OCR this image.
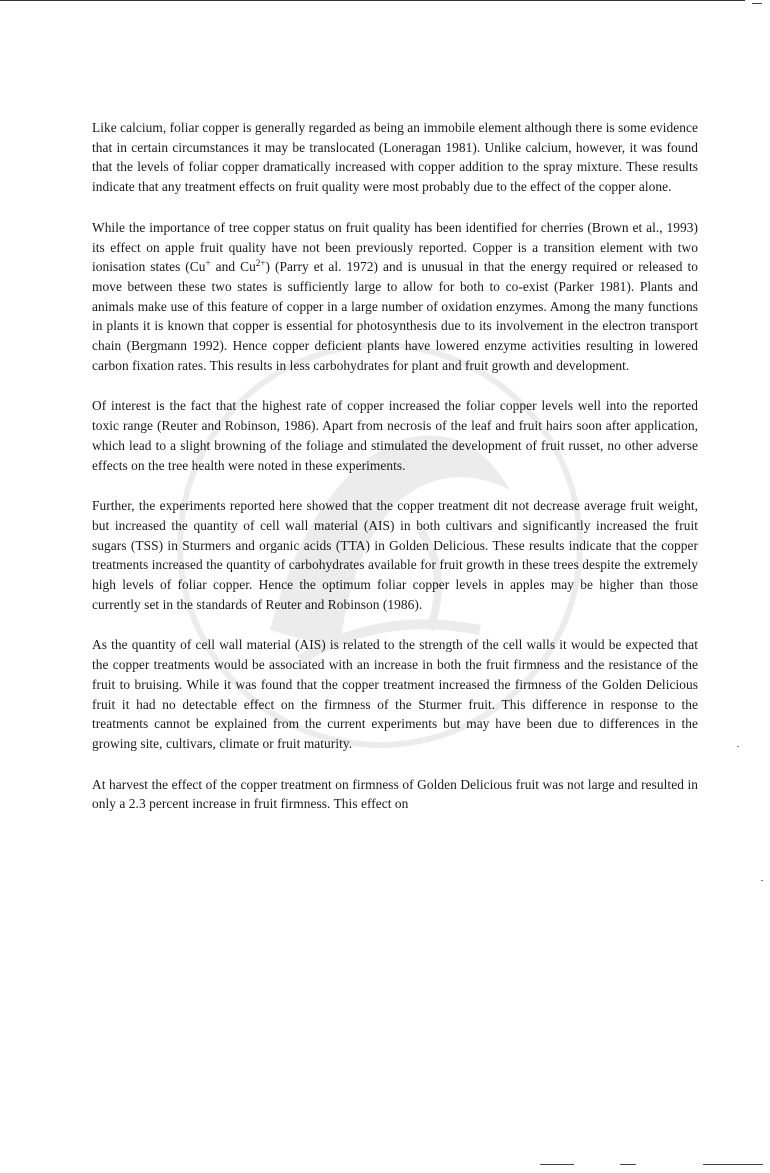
Like calcium, foliar copper is generally regarded as being an immobile element although there is some evidence that in certain circumstances it may be translocated (Loneragan 1981). Unlike calcium, however, it was found that the levels of foliar copper dramatically increased with copper addition to the spray mixture. These results indicate that any treatment effects on fruit quality were most probably due to the effect of the copper alone.

While the importance of tree copper status on fruit quality has been identified for cherries (Brown et al., 1993) its effect on apple fruit quality have not been previously reported. Copper is a transition element with two ionisation states (Cu+ and $Cu^{2+}$) (Parry et al. 1972) and is unusual in that the energy required or released to move between these two states is sufficiently large to allow for both to co-exist (Parker 1981). Plants and animals make use of this feature of copper in a large number of oxidation enzymes. Among the many functions in plants it is known that copper is essential for photosynthesis due to its involvement in the electron transport chain (Bergmann 1992). Hence copper deficient plants have lowered enzyme activities resulting in lowered carbon fixation rates. This results in less carbohydrates for plant and fruit growth and development.

Of interest is the fact that the highest rate of copper increased the foliar copper levels well into the reported toxic range (Reuter and Robinson, 1986). Apart from necrosis of the leaf and fruit hairs soon after application, which lead to a slight browning of the foliage and stimulated the development of fruit russet, no other adverse effects on the tree health were noted in these experiments.

Further, the experiments reported here showed that the copper treatment dit not decrease average fruit weight, but increased the quantity of cell wall material (AIS) in both cultivars and significantly increased the fruit sugars (TSS) in Sturmers and organic acids (TTA) in Golden Delicious. These results indicate that the copper treatments increased the quantity of carbohydrates available for fruit growth in these trees despite the extremely high levels of foliar copper. Hence the optimum foliar copper levels in apples may be higher than those currently set in the standards of Reuter and Robinson (1986).

As the quantity of cell wall material (AIS) is related to the strength of the cell walls it would be expected that the copper treatments would be associated with an increase in both the fruit firmness and the resistance of the fruit to bruising. While it was found that the copper treatment increased the firmness of the Golden Delicious fruit it had no detectable effect on the firmness of the Sturmer fruit. This difference in response to the treatments cannot be explained from the current experiments but may have been due to differences in the growing site, cultivars, climate or fruit maturity.

At harvest the effect of the copper treatment on firmness of Golden Delicious fruit was not large and resulted in only a 2.3 percent increase in fruit firmness. This effect on
